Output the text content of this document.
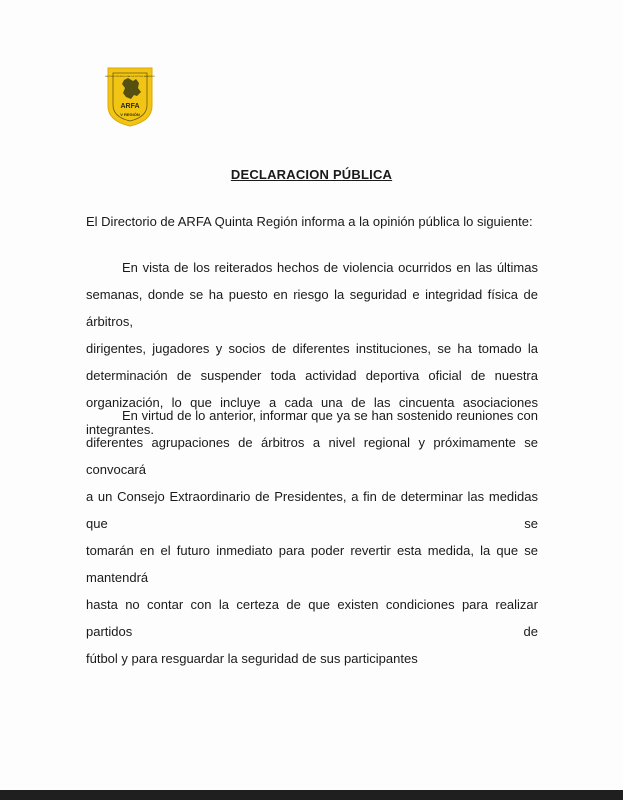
ARFA
V REGIÓN
ASOCIACIÓN REGIONAL DE FÚTBOL AMATEUR
DECLARACION PÚBLICA
El Directorio de ARFA Quinta Región informa a la opinión pública lo siguiente:

En vista de los reiterados hechos de violencia ocurridos en las últimas
semanas, donde se ha puesto en riesgo la seguridad e integridad física de árbitros,
dirigentes, jugadores y socios de diferentes instituciones, se ha tomado la
determinación de suspender toda actividad deportiva oficial de nuestra
organización, lo que incluye a cada una de las cincuenta asociaciones integrantes.

En virtud de lo anterior, informar que ya se han sostenido reuniones con
diferentes agrupaciones de árbitros a nivel regional y próximamente se convocará
a un Consejo Extraordinario de Presidentes, a fin de determinar las medidas que se
tomarán en el futuro inmediato para poder revertir esta medida, la que se mantendrá
hasta no contar con la certeza de que existen condiciones para realizar partidos de
fútbol y para resguardar la seguridad de sus participantes
